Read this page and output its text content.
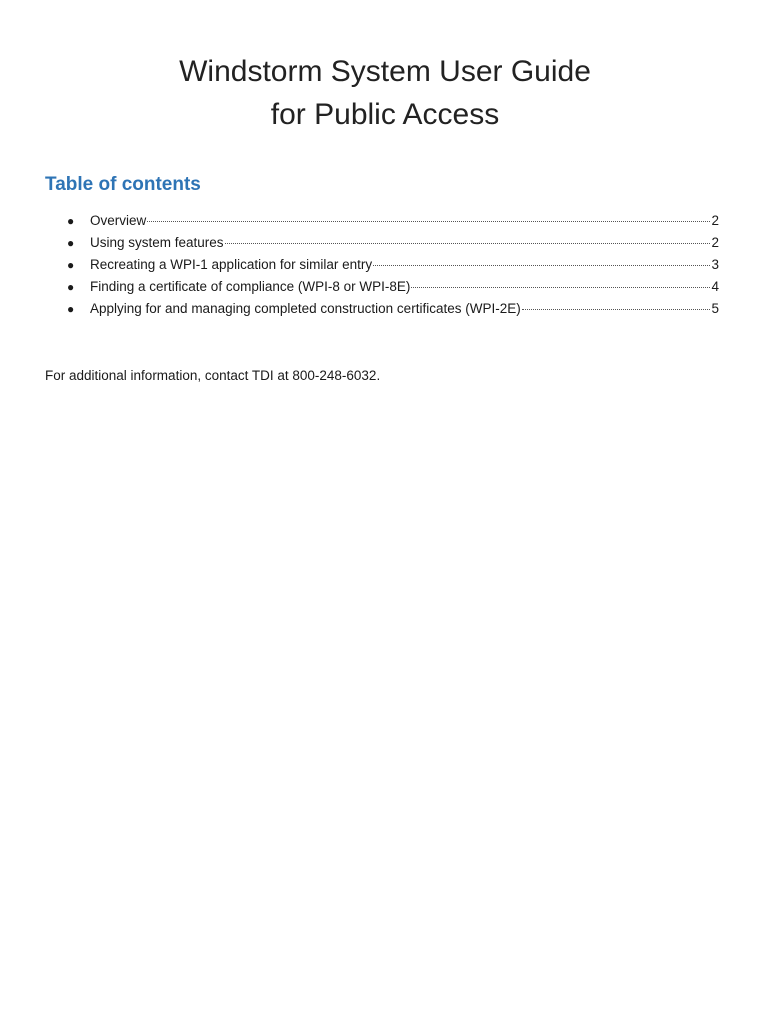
Windstorm System User Guide
for Public Access
Table of contents
● Overview	2
● Using system features	2
● Recreating a WPI-1 application for similar entry	3
● Finding a certificate of compliance (WPI-8 or WPI-8E)	4
● Applying for and managing completed construction certificates (WPI-2E)	5

For additional information, contact TDI at 800-248-6032.
